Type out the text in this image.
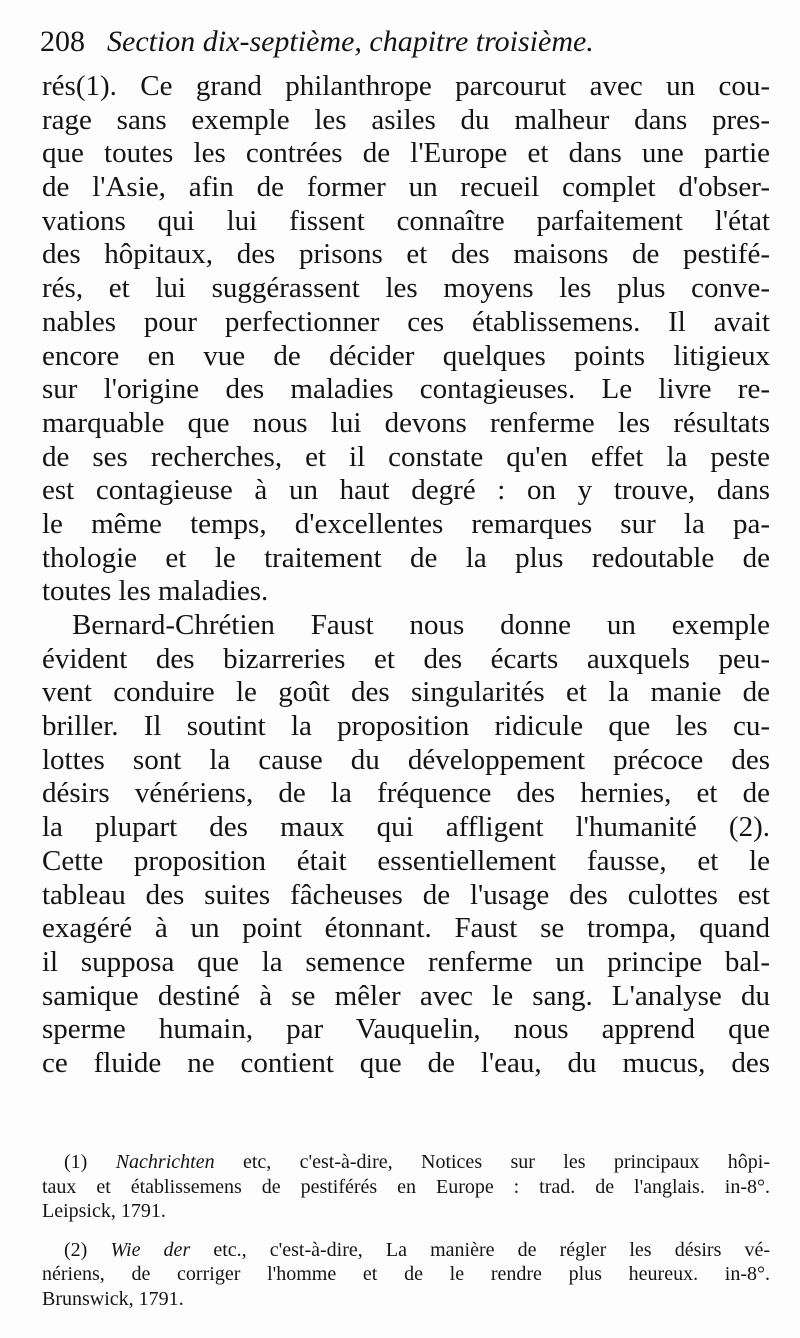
208 Section dix-septième, chapitre troisième.
rés(1). Ce grand philanthrope parcourut avec un cou-
rage sans exemple les asiles du malheur dans pres-
que toutes les contrées de l'Europe et dans une partie
de l'Asie, afin de former un recueil complet d'obser-
vations qui lui fissent connaître parfaitement l'état
des hôpitaux, des prisons et des maisons de pestifé-
rés, et lui suggérassent les moyens les plus conve-
nables pour perfectionner ces établissemens. Il avait
encore en vue de décider quelques points litigieux
sur l'origine des maladies contagieuses. Le livre re-
marquable que nous lui devons renferme les résultats
de ses recherches, et il constate qu'en effet la peste
est contagieuse à un haut degré : on y trouve, dans
le même temps, d'excellentes remarques sur la pa-
thologie et le traitement de la plus redoutable de
toutes les maladies.
Bernard-Chrétien Faust nous donne un exemple
évident des bizarreries et des écarts auxquels peu-
vent conduire le goût des singularités et la manie de
briller. Il soutint la proposition ridicule que les cu-
lottes sont la cause du développement précoce des
désirs vénériens, de la fréquence des hernies, et de
la plupart des maux qui affligent l'humanité (2).
Cette proposition était essentiellement fausse, et le
tableau des suites fâcheuses de l'usage des culottes est
exagéré à un point étonnant. Faust se trompa, quand
il supposa que la semence renferme un principe bal-
samique destiné à se mêler avec le sang. L'analyse du
sperme humain, par Vauquelin, nous apprend que
ce fluide ne contient que de l'eau, du mucus, des
(1) Nachrichten etc, c'est-à-dire, Notices sur les principaux hôpi-
taux et établissemens de pestiférés en Europe : trad. de l'anglais. in-8°.
Leipsick, 1791.
(2) Wie der etc., c'est-à-dire, La manière de régler les désirs vé-
nériens, de corriger l'homme et de le rendre plus heureux. in-8°.
Brunswick, 1791.
